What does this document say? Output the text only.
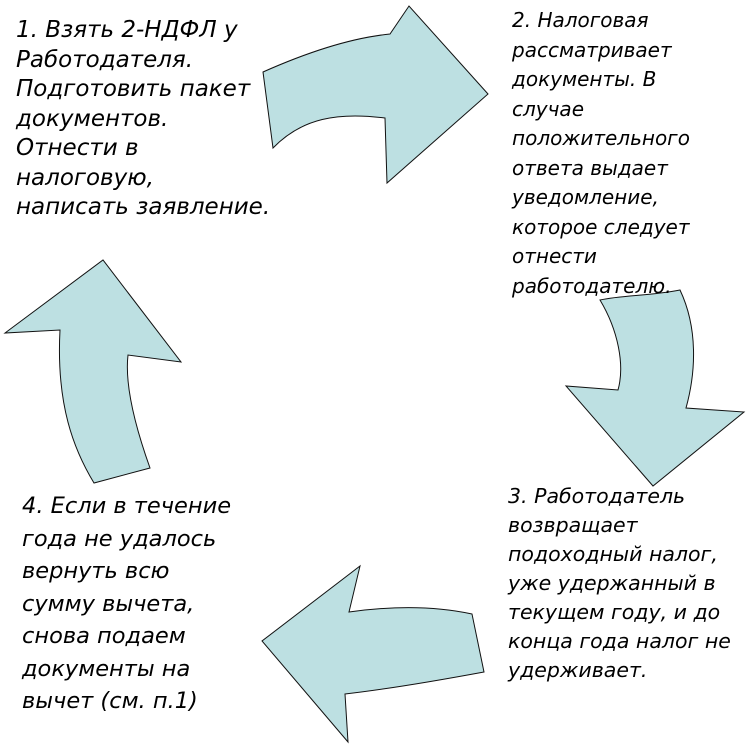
1. Взять 2-НДФЛ у
Работодателя.
Подготовить пакет
документов.
Отнести в
налоговую,
написать заявление.
2. Налоговая
рассматривает
документы. В
случае
положительного
ответа выдает
уведомление,
которое следует
отнести
работодателю.
3. Работодатель
возвращает
подоходный налог,
уже удержанный в
текущем году, и до
конца года налог не
удерживает.
4. Если в течение
года не удалось
вернуть всю
сумму вычета,
снова подаем
документы на
вычет (см. п.1)
